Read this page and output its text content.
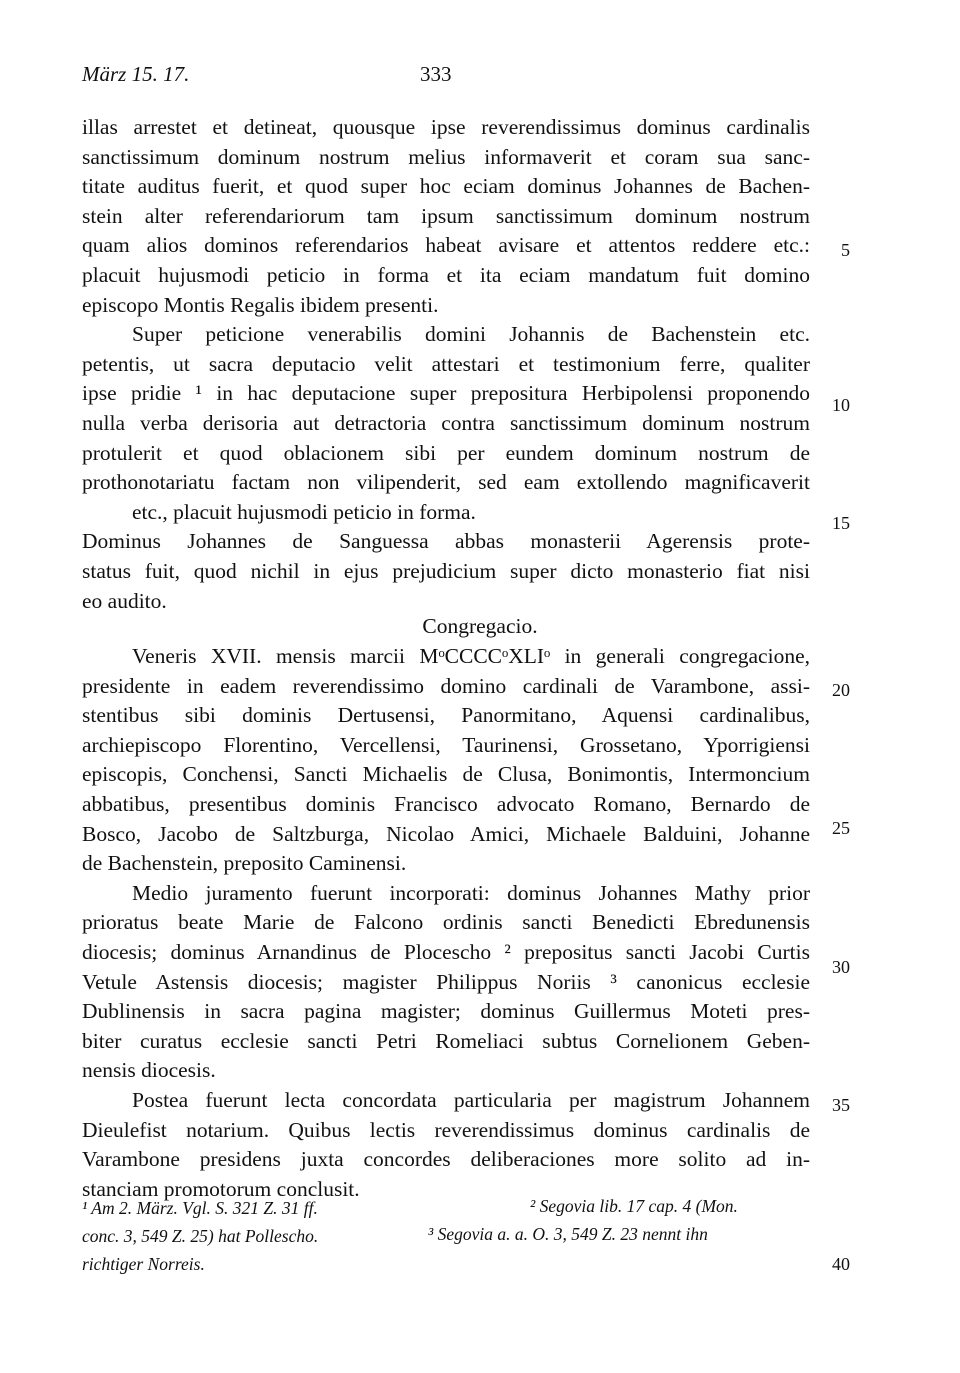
März 15. 17.	333
illas arrestet et detineat, quousque ipse reverendissimus dominus cardinalis
sanctissimum dominum nostrum melius informaverit et coram sua sanc-
titate auditus fuerit, et quod super hoc eciam dominus Johannes de Bachen-
stein alter referendariorum tam ipsum sanctissimum dominum nostrum
quam alios dominos referendarios habeat avisare et attentos reddere etc.:
placuit hujusmodi peticio in forma et ita eciam mandatum fuit domino
episcopo Montis Regalis ibidem presenti.
Super peticione venerabilis domini Johannis de Bachenstein etc.
petentis, ut sacra deputacio velit attestari et testimonium ferre, qualiter
ipse pridie ¹ in hac deputacione super prepositura Herbipolensi proponendo
nulla verba derisoria aut detractoria contra sanctissimum dominum nostrum
protulerit et quod oblacionem sibi per eundem dominum nostrum de
prothonotariatu factam non vilipenderit, sed eam extollendo magnificaverit
etc., placuit hujusmodi peticio in forma.
Dominus Johannes de Sanguessa abbas monasterii Agerensis prote-
status fuit, quod nichil in ejus prejudicium super dicto monasterio fiat nisi
eo audito.
Congregacio.
Veneris XVII. mensis marcii MᵒCCCCᵒXLIᵒ in generali congregacione,
presidente in eadem reverendissimo domino cardinali de Varambone, assi-
stentibus sibi dominis Dertusensi, Panormitano, Aquensi cardinalibus,
archiepiscopo Florentino, Vercellensi, Taurinensi, Grossetano, Yporrigiensi
episcopis, Conchensi, Sancti Michaelis de Clusa, Bonimontis, Intermoncium
abbatibus, presentibus dominis Francisco advocato Romano, Bernardo de
Bosco, Jacobo de Saltzburga, Nicolao Amici, Michaele Balduini, Johanne
de Bachenstein, preposito Caminensi.
Medio juramento fuerunt incorporati: dominus Johannes Mathy prior
prioratus beate Marie de Falcono ordinis sancti Benedicti Ebredunensis
diocesis; dominus Arnandinus de Plocescho ² prepositus sancti Jacobi Curtis
Vetule Astensis diocesis; magister Philippus Noriis ³ canonicus ecclesie
Dublinensis in sacra pagina magister; dominus Guillermus Moteti pres-
biter curatus ecclesie sancti Petri Romeliaci subtus Cornelionem Geben-
nensis diocesis.
Postea fuerunt lecta concordata particularia per magistrum Johannem
Dieulefist notarium. Quibus lectis reverendissimus dominus cardinalis de
Varambone presidens juxta concordes deliberaciones more solito ad in-
stanciam promotorum conclusit.
5
10
15
20
25
30
35
40
¹ Am 2. März. Vgl. S. 321 Z. 31 ff.	² Segovia lib. 17 cap. 4 (Mon.
conc. 3, 549 Z. 25) hat Pollescho.	³ Segovia a. a. O. 3, 549 Z. 23 nennt ihn
richtiger Norreis.
